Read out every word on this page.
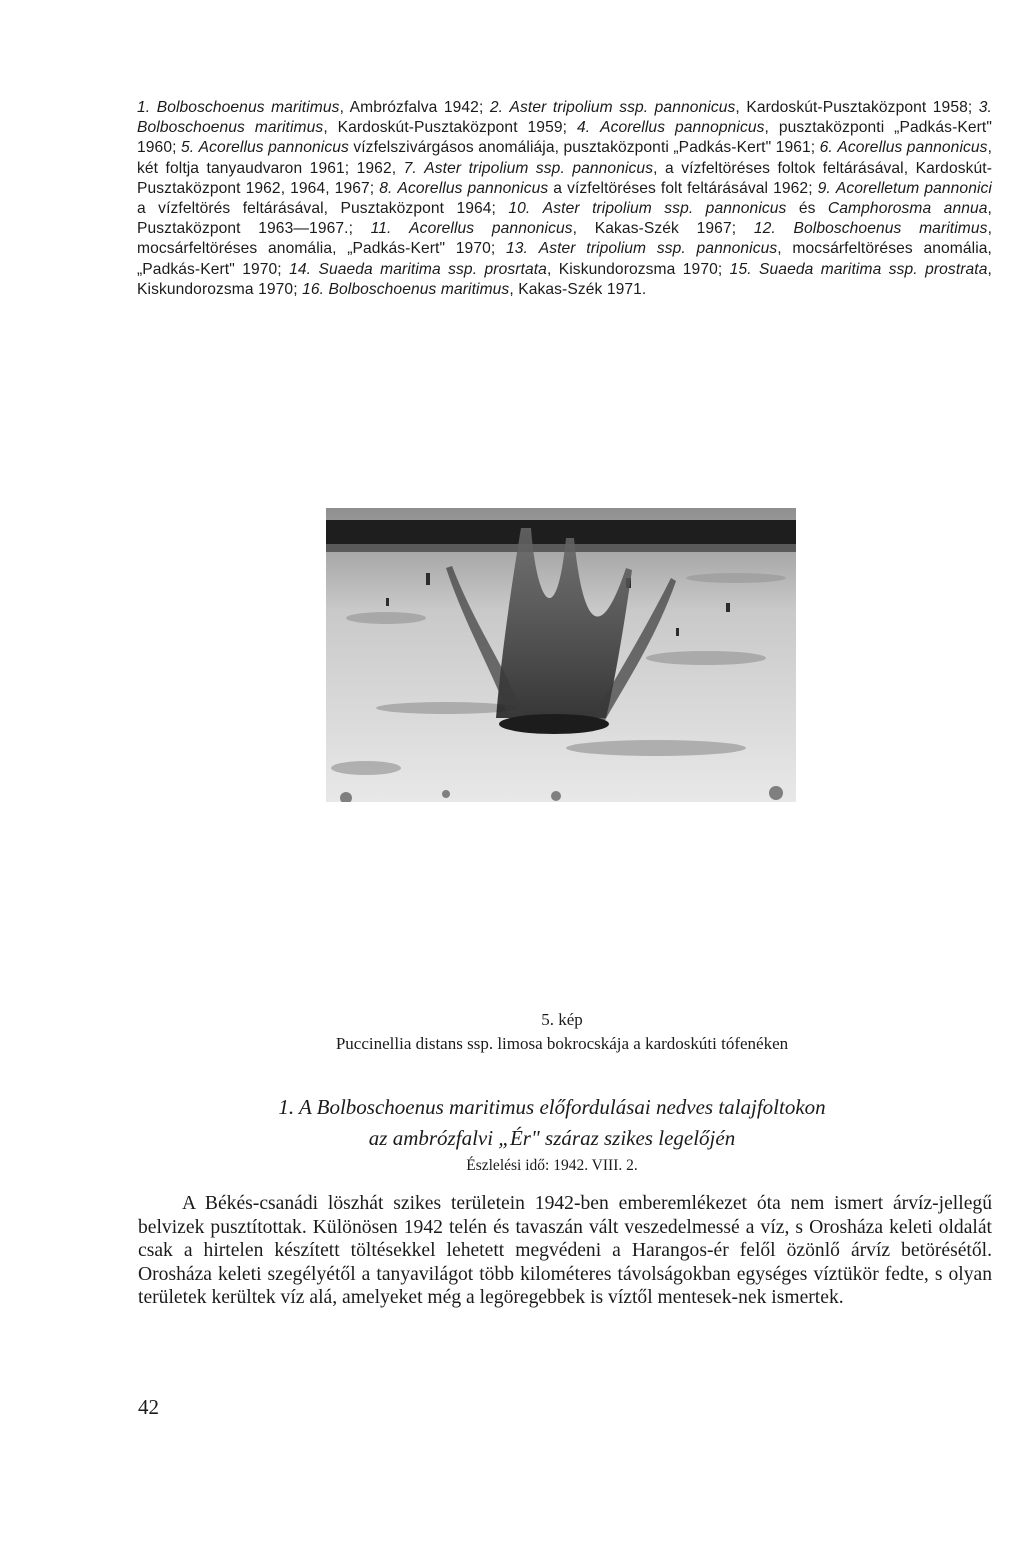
1. Bolboschoenus maritimus, Ambrózfalva 1942; 2. Aster tripolium ssp. pannonicus, Kardoskút-Pusztaközpont 1958; 3. Bolboschoenus maritimus, Kardoskút-Pusztaközpont 1959; 4. Acorellus pannopnicus, pusztaközponti „Padkás-Kert" 1960; 5. Acorellus pannonicus vízfelszivárgásos anomáliája, pusztaközponti „Padkás-Kert" 1961; 6. Acorellus pannonicus, két foltja tanyaudvaron 1961; 1962, 7. Aster tripolium ssp. pannonicus, a vízfeltöréses foltok feltárásával, Kardoskút-Pusztaközpont 1962, 1964, 1967; 8. Acorellus pannonicus a vízfeltöréses folt feltárásával 1962; 9. Acorelletum pannonici a vízfeltörés feltárásával, Pusztaközpont 1964; 10. Aster tripolium ssp. pannonicus és Camphorosma annua, Pusztaközpont 1963—1967.; 11. Acorellus pannonicus, Kakas-Szék 1967; 12. Bolboschoenus maritimus, mocsárfeltöréses anomália, „Padkás-Kert" 1970; 13. Aster tripolium ssp. pannonicus, mocsárfeltöréses anomália, „Padkás-Kert" 1970; 14. Suaeda maritima ssp. prosrtata, Kiskundorozsma 1970; 15. Suaeda maritima ssp. prostrata, Kiskundorozsma 1970; 16. Bolboschoenus maritimus, Kakas-Szék 1971.
5. kép
Puccinellia distans ssp. limosa bokrocskája a kardoskúti tófenéken
1. A Bolboschoenus maritimus előfordulásai nedves talajfoltokon
az ambrózfalvi „Ér" száraz szikes legelőjén
Észlelési idő: 1942. VIII. 2.
A Békés-csanádi löszhát szikes területein 1942-ben emberemlékezet óta nem ismert árvíz-jellegű belvizek pusztítottak. Különösen 1942 telén és tavaszán vált veszedelmessé a víz, s Orosháza keleti oldalát csak a hirtelen készített töltésekkel lehetett megvédeni a Harangos-ér felől özönlő árvíz betörésétől. Orosháza keleti szegélyétől a tanyavilágot több kilométeres távolságokban egységes víztükör fedte, s olyan területek kerültek víz alá, amelyeket még a legöregebbek is víztől mentesek-nek ismertek.
42
